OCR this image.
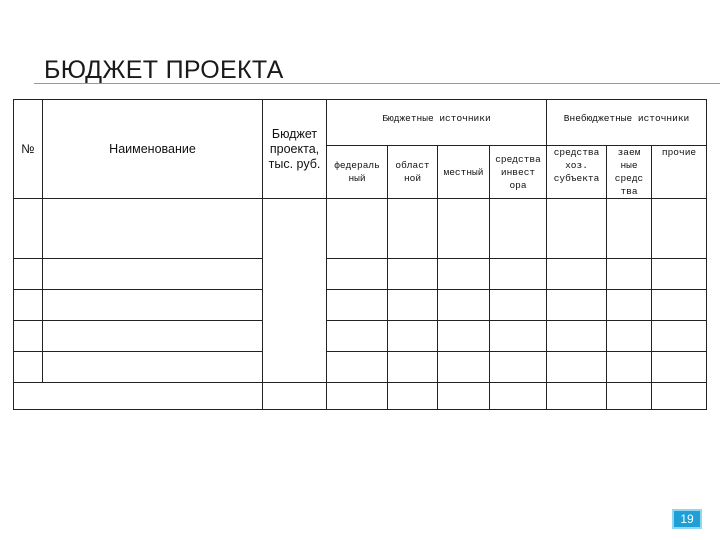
БЮДЖЕТ ПРОЕКТА
№	Наименование	Бюджет проекта, тыс. руб.	Бюджетные источники				Внебюджетные источники		
			федераль ный	област ной	местный	средства инвест ора	средства хоз. субъекта	заем ные средс тва	прочие

19
